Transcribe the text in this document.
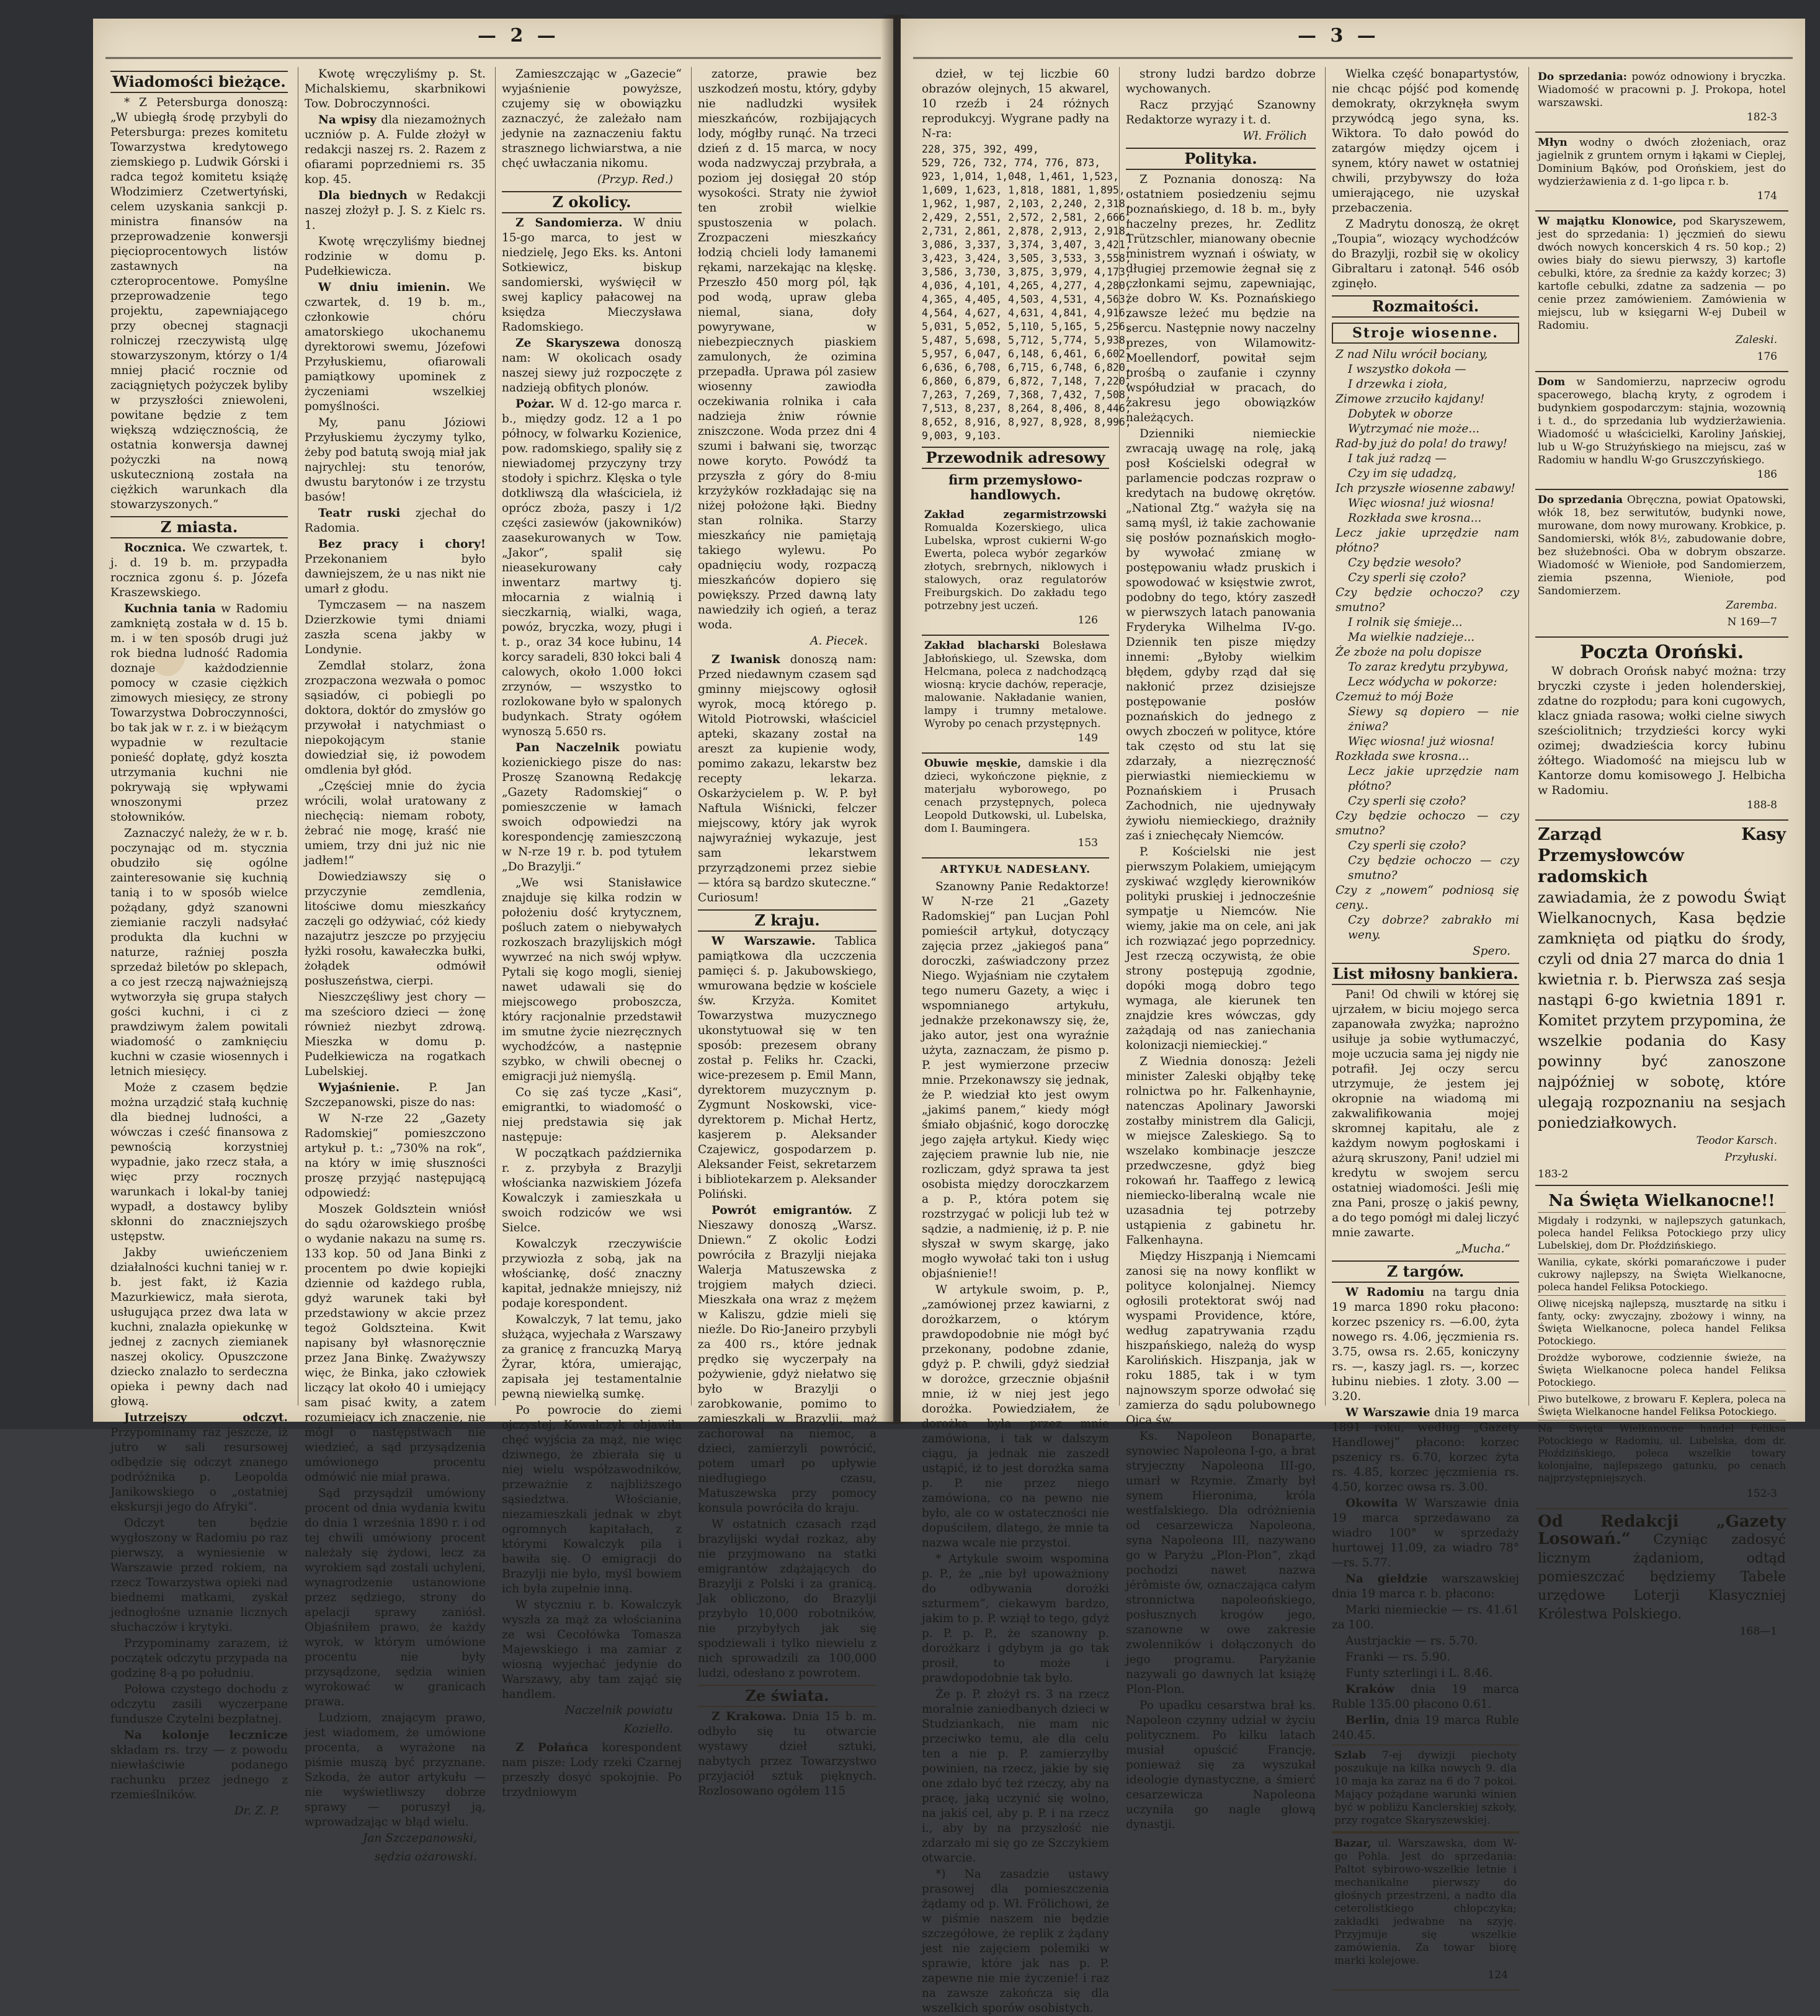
— 2 —
Wiadomości bieżące.

* Z Petersburga donoszą: „W ubiegłą środę przybyli do Petersburga: prezes komitetu Towarzystwa kredytowego ziemskiego p. Ludwik Górski i radca tegoż komitetu książę Włodzimierz Czetwertyński, celem uzyskania sankcji p. ministra finansów na przeprowadzenie konwersji pięcioprocentowych listów zastawnych na czteroprocentowe. Pomyślne przeprowadzenie tego projektu, zapewniającego przy obecnej stagnacji rolniczej rzeczywistą ulgę stowarzyszonym, którzy o 1/4 mniej płacić rocznie od zaciągniętych pożyczek byliby w przyszłości zniewoleni, powitane będzie z tem większą wdzięcznością, że ostatnia konwersja dawnej pożyczki na nową uskutecznioną została na ciężkich warunkach dla stowarzyszonych.“

Z miasta.

Rocznica. We czwartek, t. j. d. 19 b. m. przypadła rocznica zgonu ś. p. Józefa Kraszewskiego.

Kuchnia tania w Radomiu zamkniętą została w d. 15 b. m. i w ten sposób drugi już rok biedna ludność Radomia doznaje każdodziennie pomocy w czasie ciężkich zimowych miesięcy, ze strony Towarzystwa Dobroczynności, bo tak jak w r. z. i w bieżącym wypadnie w rezultacie ponieść dopłatę, gdyż koszta utrzymania kuchni nie pokrywają się wpływami wnoszonymi przez stołowników.

Zaznaczyć należy, że w r. b. poczynając od m. stycznia obudziło się ogólne zainteresowanie się kuchnią tanią i to w sposób wielce pożądany, gdyż szanowni ziemianie raczyli nadsyłać produkta dla kuchni w naturze, raźniej poszła sprzedaż biletów po sklepach, a co jest rzeczą najważniejszą wytworzyła się grupa stałych gości kuchni, i ci z prawdziwym żalem powitali wiadomość o zamknięciu kuchni w czasie wiosennych i letnich miesięcy.

Może z czasem będzie można urządzić stałą kuchnię dla biednej ludności, a wówczas i cześć finansowa z pewnością korzystniej wypadnie, jako rzecz stała, a więc przy rocznych warunkach i lokal-by taniej wypadł, a dostawcy byliby skłonni do znaczniejszych ustępstw.

Jakby uwieńczeniem działalności kuchni taniej w r. b. jest fakt, iż Kazia Mazurkiewicz, mała sierota, usługująca przez dwa lata w kuchni, znalazła opiekunkę w jednej z zacnych ziemianek naszej okolicy. Opuszczone dziecko znalazło to serdeczna opieka i pewny dach nad głową.

Jutrzejszy odczyt. Przypominamy raz jeszcze, iż jutro w sali resursowej odbędzie się odczyt znanego podróżnika p. Leopolda Janikowskiego o „ostatniej ekskursji jego do Afryki“.

Odczyt ten będzie wygłoszony w Radomiu po raz pierwszy, a wyniesienie w Warszawie przed rokiem, na rzecz Towarzystwa opieki nad biednemi matkami, zyskał jednogłośne uznanie licznych słuchaczów i krytyki.

Przypominamy zarazem, iż początek odczytu przypada na godzinę 8-ą po południu.

Połowa czystego dochodu z odczytu zasili wyczerpane fundusze Czytelni bezpłatnej.

Na kolonje lecznicze składam rs. trzy — z powodu niewłaściwie podanego rachunku przez jednego z rzemieślników.

Dr. Z. P.

Kwotę wręczyliśmy p. St. Michalskiemu, skarbnikowi Tow. Dobroczynności.

Na wpisy dla niezamożnych uczniów p. A. Fulde złożył w redakcji naszej rs. 2. Razem z ofiarami poprzedniemi rs. 35 kop. 45.

Dla biednych w Redakcji naszej złożył p. J. S. z Kielc rs. 1.

Kwotę wręczyliśmy biednej rodzinie w domu p. Pudełkiewicza.

W dniu imienin. We czwartek, d. 19 b. m., członkowie chóru amatorskiego ukochanemu dyrektorowi swemu, Józefowi Przyłuskiemu, ofiarowali pamiątkowy upominek z życzeniami wszelkiej pomyślności.

My, panu Józiowi Przyłuskiemu życzymy tylko, żeby pod batutą swoją miał jak najrychlej: stu tenorów, dwustu barytonów i ze trzystu basów!

Teatr ruski zjechał do Radomia.

Bez pracy i chory! Przekonaniem było dawniejszem, że u nas nikt nie umarł z głodu.

Tymczasem — na naszem Dzierzkowie tymi dniami zaszła scena jakby w Londynie.

Zemdlał stolarz, żona zrozpaczona wezwała o pomoc sąsiadów, ci pobiegli po doktora, doktór do zmysłów go przywołał i natychmiast o niepokojącym stanie dowiedział się, iż powodem omdlenia był głód.

„Częściej mnie do życia wrócili, wolał uratowany z niechęcią: niemam roboty, żebrać nie mogę, kraść nie umiem, trzy dni już nic nie jadłem!“

Dowiedziawszy się o przyczynie zemdlenia, litościwe domu mieszkańcy zaczęli go odżywiać, cóż kiedy nazajutrz jeszcze po przyjęciu łyżki rosołu, kawałeczka bułki, żołądek odmówił posłuszeństwa, cierpi.

Nieszczęśliwy jest chory — ma sześcioro dzieci — żonę również niezbyt zdrową. Mieszka w domu p. Pudełkiewicza na rogatkach Lubelskiej.

Wyjaśnienie.	P. Jan Szczepanowski, pisze do nas:

W N-rze 22 „Gazety Radomskiej“ pomieszczono artykuł p. t.: „730% na rok“, na który w imię słuszności proszę przyjąć następującą odpowiedź:

Moszek Goldsztein wniósł do sądu ożarowskiego prośbę o wydanie nakazu na sumę rs. 133 kop. 50 od Jana Binki z procentem po dwie kopiejki dziennie od każdego rubla, gdyż warunek taki był przedstawiony w akcie przez tegoż Goldszteina. Kwit napisany był własnoręcznie przez Jana Binkę. Zważywszy więc, że Binka, jako człowiek liczący lat około 40 i umiejący sam pisać kwity, a zatem rozumiejący ich znaczenie, nie mógł o następstwach nie wiedzieć, a sąd przysądzenia umówionego procentu odmówić nie miał prawa.

Sąd przysądził umówiony procent od dnia wydania kwitu do dnia 1 września 1890 r. i od tej chwili umówiony procent należały się żydowi, lecz za wyrokiem sąd zostali uchyleni, wynagrodzenie ustanowione przez sędziego, strony do apelacji sprawy zaniósł. Objaśniłem prawo, że każdy wyrok, w którym umówione procentu nie były przysądzone, sędzia winien wyrokować w granicach prawa.

Ludziom, znającym prawo, jest wiadomem, że umówione procenta, a wyrażone na piśmie muszą być przyznane. Szkoda, że autor artykułu — nie wyświetliwszy dobrze sprawy — poruszył ją, wprowadzając w błąd wielu.

Jan Szczepanowski,
sędzia ożarowski.

Zamieszczając w „Gazecie“ wyjaśnienie powyższe, czujemy się w obowiązku zaznaczyć, że zależało nam jedynie na zaznaczeniu faktu strasznego lichwiarstwa, a nie chęć uwłaczania nikomu.

(Przyp. Red.)
Z okolicy.

Z Sandomierza. W dniu 15-go marca, to jest w niedzielę, Jego Eks. ks. Antoni Sotkiewicz, biskup sandomierski, wyświęcił w swej kaplicy pałacowej na księdza Mieczysława Radomskiego.

Ze Skaryszewa donoszą nam: W okolicach osady naszej siewy już rozpoczęte z nadzieją obfitych plonów.

Pożar. W d. 12-go marca r. b., między godz. 12 a 1 po północy, w folwarku Kozienice, pow. radomskiego, spaliły się z niewiadomej przyczyny trzy stodoły i spichrz. Klęska o tyle dotkliwszą dla właściciela, iż oprócz zboża, paszy i 1/2 części zasiewów (jakowników) zaasekurowanych w Tow. „Jakor“, spalił się nieasekurowany cały inwentarz martwy tj. młocarnia z wialnią i sieczkarnią, wialki, waga, powóz, bryczka, wozy, pługi i t. p., oraz 34 koce łubinu, 14 korcy saradeli, 830 łokci bali 4 calowych, około 1.000 łokci zrzynów, — wszystko to rozlokowane było w spalonych budynkach. Straty ogółem wynoszą 5.650 rs.

Pan Naczelnik powiatu kozienickiego pisze do nas: Proszę Szanowną Redakcję „Gazety Radomskiej“ o pomieszczenie w łamach swoich odpowiedzi na korespondencję zamieszczoną w N-rze 19 r. b. pod tytułem „Do Brazylji.“

„We wsi Stanisławice znajduje się kilka rodzin w położeniu dość krytycznem, pośluch zatem o niebywałych rozkoszach brazylijskich mógł wywrzeć na nich swój wpływ. Pytali się kogo mogli, sieniej nawet udawali się do miejscowego proboszcza, który racjonalnie przedstawił im smutne życie niezręcznych wychodźców, a następnie szybko, w chwili obecnej o emigracji już niemyślą.

Co się zaś tycze „Kasi“, emigrantki, to wiadomość o niej predstawia się jak następuje:

W początkach października r. z. przybyła z Brazylji włościanka nazwiskiem Józefa Kowalczyk i zamieszkała u swoich rodziców we wsi Sielce.

Kowalczyk rzeczywiście przywiozła z sobą, jak na włościankę, dość znaczny kapitał, jednakże mniejszy, niż podaje korespondent.

Kowalczyk, 7 lat temu, jako służąca, wyjechała z Warszawy za granicę z francuzką Maryą Żyrar, która, umierając, zapisała jej testamentalnie pewną niewielką sumkę.

Po powrocie do ziemi ojczystej, Kowalczyk objawiła chęć wyjścia za mąż, nie więc dziwnego, że zbierała się u niej wielu współzawodników, przeważnie z najbliższego sąsiedztwa. Włościanie, niezamieszkali jednak w zbyt ogromnych kapitałach, z którymi Kowalczyk pila i bawiła się. O emigracji do Brazylji nie było, myśl bowiem ich była zupełnie inną.

W styczniu r. b. Kowalczyk wyszła za mąż za włościanina ze wsi Cecołówka Tomasza Majewskiego i ma zamiar z wiosną wyjechać jedynie do Warszawy, aby tam zająć się handlem.

Naczelnik powiatu
Kozielło.

Z Połańca korespondent nam pisze: Lody rzeki Czarnej przeszły dosyć spokojnie. Po trzydniowym

zatorze, prawie bez uszkodzeń mostu, który, gdyby nie nadludzki wysiłek mieszkańców, rozbijających lody, mógłby runąć. Na trzeci dzień z d. 15 marca, w nocy woda nadzwyczaj przybrała, a poziom jej dosięgał 20 stóp wysokości. Straty nie żywioł ten zrobił wielkie spustoszenia w polach. Zrozpaczeni mieszkańcy łodzią chcieli lody łamanemi rękami, narzekając na klęskę. Przeszło 450 morg pól, łąk pod wodą, upraw gleba niemal, siana, doły powyrywane, w niebezpiecznych piaskiem zamulonych, że ozimina przepadła. Uprawa pól zasiew wiosenny zawiodła oczekiwania rolnika i cała nadzieja żniw równie zniszczone. Woda przez dni 4 szumi i bałwani się, tworząc nowe koryto. Powódź ta przyszła z góry do 8-miu krzyżyków rozkładając się na niżej położone łąki. Biedny stan rolnika. Starzy mieszkańcy nie pamiętają takiego wylewu. Po opadnięciu wody, rozpaczą mieszkańców dopiero się powiększy. Przed dawną laty nawiedziły ich ogień, a teraz woda.

A. Piecek.

Z Iwanisk donoszą nam: Przed niedawnym czasem sąd gminny miejscowy ogłosił wyrok, mocą którego p. Witold Piotrowski, właściciel apteki, skazany został na areszt za kupienie wody, pomimo zakazu, lekarstw bez recepty lekarza. Oskarżycielem p. W. P. był Naftula Wiśnicki, felczer miejscowy, który jak wyrok najwyraźniej wykazuje, jest sam lekarstwem przyrządzonemi przez siebie — która są bardzo skuteczne.“ Curiosum!

Z kraju.

W Warszawie. Tablica pamiątkowa dla uczczenia pamięci ś. p. Jakubowskiego, wmurowana będzie w kościele św. Krzyża. Komitet Towarzystwa muzycznego ukonstytuował się w ten sposób: prezesem obrany został p. Feliks hr. Czacki, wice-prezesem p. Emil Mann, dyrektorem muzycznym p. Zygmunt Noskowski, vice-dyrektorem p. Michał Hertz, kasjerem p. Aleksander Czajewicz, gospodarzem p. Aleksander Feist, sekretarzem i bibliotekarzem p. Aleksander Poliński.

Powrót emigrantów. Z Nieszawy donoszą „Warsz. Dniewn.“ Z okolic Łodzi powróciła z Brazylji niejaka Walerja Matuszewska z trojgiem małych dzieci. Mieszkała ona wraz z mężem w Kaliszu, gdzie mieli się nieźle. Do Rio-Janeiro przybyli za 400 rs., które jednak prędko się wyczerpały na pożywienie, gdyż niełatwo się było w Brazylji o zarobkowanie, pomimo to zamieszkali w Brazylji, mąż zachorował na niemoc, a dzieci, zamierzyli powrócić, potem umarł po upływie niedługiego czasu, Matuszewska przy pomocy konsula powróciła do kraju.

W ostatnich czasach rząd brazylijski wydał rozkaz, aby nie przyjmowano na statki emigrantów zdążających do Brazylji z Polski i za granicą. Jak obliczono, do Brazylji przybyło 10,000 robotników, nie przybyłych jak się spodziewali i tylko niewielu z nich sprowadzili za 100,000 ludzi, odesłano z powrotem.

Ze świata.

Z Krakowa. Dnia 15 b. m. odbyło się tu otwarcie wystawy dzieł sztuki, nabytych przez Towarzystwo przyjaciół sztuk pięknych. Rozlosowano ogółem 115

— 3 —

dzieł, w tej liczbie 60 obrazów olejnych, 15 akwarel, 10 rzeźb i 24 różnych reprodukcyj. Wygrane padły na N-ra:

228, 375, 392, 499,
529, 726, 732, 774, 776, 873,
923, 1,014, 1,048, 1,461, 1,523,
1,609, 1,623, 1,818, 1881, 1,895,
1,962, 1,987, 2,103, 2,240, 2,318,
2,429, 2,551, 2,572, 2,581, 2,666,
2,731, 2,861, 2,878, 2,913, 2,918,
3,086, 3,337, 3,374, 3,407, 3,421,
3,423, 3,424, 3,505, 3,533, 3,558,
3,586, 3,730, 3,875, 3,979, 4,173,
4,036, 4,101, 4,265, 4,277, 4,280,
4,365, 4,405, 4,503, 4,531, 4,563,
4,564, 4,627, 4,631, 4,841, 4,916,
5,031, 5,052, 5,110, 5,165, 5,256,
5,487, 5,698, 5,712, 5,774, 5,938,
5,957, 6,047, 6,148, 6,461, 6,602,
6,636, 6,708, 6,715, 6,748, 6,820,
6,860, 6,879, 6,872, 7,148, 7,220,
7,263, 7,269, 7,368, 7,432, 7,508,
7,513, 8,237, 8,264, 8,406, 8,446,
8,652, 8,916, 8,927, 8,928, 8,996,
9,003, 9,103.
Przewodnik adresowy
firm przemysłowo-handlowych.
Zakład zegarmistrzowski Romualda Kozerskiego, ulica Lubelska, wprost cukierni W-go Ewerta, poleca wybór zegarków złotych, srebrnych, niklowych i stalowych, oraz regulatorów Freiburgskich. Do zakładu tego potrzebny jest uczeń.
126
Zakład blacharski Bolesława Jabłońskiego, ul. Szewska, dom Helcmana, poleca z nadchodzącą wiosną: krycie dachów, reperacje, malowanie. Nakładanie wanien, lampy i trumny metalowe. Wyroby po cenach przystępnych.
149
Obuwie męskie, damskie i dla dzieci, wykończone pięknie, z materjału wyborowego, po cenach przystępnych, poleca Leopold Dutkowski, ul. Lubelska, dom I. Baumingera.
153
ARTYKUŁ NADESŁANY.

Szanowny Panie Redaktorze! W N-rze 21 „Gazety Radomskiej“ pan Lucjan Pohl pomieścił artykuł, dotyczący zajęcia przez „jakiegoś pana“ doroczki, zaświadczony przez Niego. Wyjaśniam nie czytałem tego numeru Gazety, a więc i wspomnianego artykułu, jednakże przekonawszy się, że, jako autor, jest ona wyraźnie użyta, zaznaczam, że pismo p. P. jest wymierzone przeciw mnie. Przekonawszy się jednak, że P. wiedział kto jest owym „jakimś panem,“ kiedy mógł śmiało objaśnić, kogo doroczkę jego zajęła artykuł. Kiedy więc zajęciem prawnie lub nie, nie rozliczam, gdyż sprawa ta jest osobista między doroczkarzem a p. P., która potem się rozstrzygać w policji lub też w sądzie, a nadmienię, iż p. P. nie słyszał w swym skargę, jako mogło wywołać taki ton i usług objaśnienie!!

W artykule swoim, p. P., „zamówionej przez kawiarni, z dorożkarzem, o którym prawdopodobnie nie mógł być przekonany, podobne zdanie, gdyż p. P. chwili, gdyż siedział w dorożce, grzecznie objaśnił mnie, iż w niej jest jego dorożka. Powiedziałem, że dorożka była przez mnie zamówiona, i tak w dalszym ciągu, ja jednak nie zaszedł ustąpić, iż to jest dorożka sama p. P. nie przez niego zamówiona, co na pewno nie było, ale co w ostateczności nie dopuściłem, dlatego, że mnie ta nazwa wcale nie przystoi.

* Artykule swoim wspomina p. P., że „nie był upoważniony do odbywania dorożki szturmem“, ciekawym bardzo, jakim to p. P. wziął to tego, gdyż p. P. p. P., że szanowny p. dorożkarz i gdybym ja go tak prosił, to może i prawdopodobnie tak było.

Że p. P. złożył rs. 3 na rzecz moralnie zaniedbanych dzieci w Studziankach, nie mam nic przeciwko temu, ale dla celu ten a nie p. P. zamierzyłby powinien, na rzecz, jakie by się one zdało być też rzeczy, aby na pracę, jaką uczynić się wolno, na jakiś cel, aby p. P. i na rzecz i., aby by na przyszłość nie zdarzało mi się go ze Szczykiem otwarcie.

*) Na zasadzie ustawy prasowej dla pomieszczenia żądamy od p. Wł. Frölichowi, że w piśmie naszem nie będzie szczegółowe, że replik z żądany jest nie zajęciem polemiki w sprawie, które jak nas p. P. zapewne nie mie życzenie! i raz na zawsze zakończa się dla wszelkich sporów osobistych.

strony ludzi bardzo dobrze wychowanych.

Racz przyjąć Szanowny Redaktorze wyrazy i t. d.

Wł. Frölich
Polityka.

Z Poznania donoszą: Na ostatniem posiedzeniu sejmu poznańskiego, d. 18 b. m., były naczelny prezes, hr. Zedlitz Trützschler, mianowany obecnie ministrem wyznań i oświaty, w długiej przemowie żegnał się z członkami sejmu, zapewniając, że dobro W. Ks. Poznańskiego zawsze leżeć mu będzie na sercu. Następnie nowy naczelny prezes, von Wilamowitz-Moellendorf, powitał sejm prośbą o zaufanie i czynny współudział w pracach, do zakresu jego obowiązków należących.

Dzienniki niemieckie zwracają uwagę na rolę, jaką posł Kościelski odegrał w parlamencie podczas rozpraw o kredytach na budowę okrętów. „National Ztg.“ ważyła się na samą myśl, iż takie zachowanie się posłów poznańskich mogło-by wywołać zmianę w postępowaniu władz pruskich i spowodować w księstwie zwrot, podobny do tego, który zaszedł w pierwszych latach panowania Fryderyka Wilhelma IV-go. Dziennik ten pisze między innemi: „Byłoby wielkim błędem, gdyby rząd dał się nakłonić przez dzisiejsze postępowanie posłów poznańskich do jednego z owych zboczeń w polityce, które tak często od stu lat się zdarzały, a niezręczność pierwiastki niemieckiemu w Poznańskiem i Prusach Zachodnich, nie ujednywały żywiołu niemieckiego, drażniły zaś i zniechęcały Niemców.

P. Kościelski nie jest pierwszym Polakiem, umiejącym zyskiwać względy kierowników polityki pruskiej i jednocześnie sympatje u Niemców. Nie wiemy, jakie ma on cele, ani jak ich rozwiązać jego poprzednicy. Jest rzeczą oczywistą, że obie strony postępują zgodnie, dopóki mogą dobro tego wymaga, ale kierunek ten znajdzie kres wówczas, gdy zażądają od nas zaniechania kolonizacji niemieckiej.“

Z Wiednia donoszą: Jeżeli minister Zaleski objąłby tekę rolnictwa po hr. Falkenhaynie, natenczas Apolinary Jaworski zostałby ministrem dla Galicji, w miejsce Zaleskiego. Są to wszelako kombinacje jeszcze przedwczesne, gdyż bieg rokowań hr. Taaffego z lewicą niemiecko-liberalną wcale nie uzasadnia tej potrzeby ustąpienia z gabinetu hr. Falkenhayna.

Między Hiszpanją i Niemcami zanosi się na nowy konflikt w polityce kolonjalnej. Niemcy ogłosili protektorat swój nad wyspami Providence, które, według zapatrywania rządu hiszpańskiego, należą do wysp Karolińskich. Hiszpanja, jak w roku 1885, tak i w tym najnowszym sporze odwołać się zamierza do sądu polubownego Ojca św.

Ks. Napoleon Bonaparte, synowiec Napoleona I-go, a brat stryjeczny Napoleona III-go, umarł w Rzymie. Zmarły był synem Hieronima, króla westfalskiego. Dla odróżnienia od cesarzewicza Napoleona, syna Napoleona III, nazywano go w Paryżu „Plon-Plon“, zkąd pochodzi nawet nazwa jérômiste ów, oznaczająca całym stronnictwa napoleońskiego, posłusznych krogów jego, szanowne w owe zakresie zwolenników i dołączonych do jego programu. Paryżanie nazywali go dawnych lat książę Plon-Plon.

Po upadku cesarstwa brał ks. Napoleon czynny udział w życiu politycznem. Po kilku latach musiał opuścić Francję, ponieważ się za wyszukał ideologie dynastyczne, a śmierć cesarzewicza Napoleona uczyniła go nagle głową dynastji.

Wielka część bonapartystów, nie chcąc pójść pod komendę demokraty, okrzyknęła swym przywódcą jego syna, ks. Wiktora. To dało powód do zatargów między ojcem i synem, który nawet w ostatniej chwili, przybywszy do łoża umierającego, nie uzyskał przebaczenia.

Z Madrytu donoszą, że okręt „Toupia“, wiozący wychodźców do Brazylji, rozbił się w okolicy Gibraltaru i zatonął. 546 osób zginęło.

Rozmaitości.
Stroje wiosenne.
Z nad Nilu wrócił bociany,
I wszystko dokoła —
I drzewka i zioła,
Zimowe zrzuciło kajdany!
Dobytek w oborze
Wytrzymać nie może...
Rad-by już do pola! do trawy!
I tak już radzą —
Czy im się udadzą,
Ich przyszłe wiosenne zabawy!
Więc wiosna! już wiosna!
Rozkłada swe krosna...
Lecz jakie uprzędzie nam płótno?
Czy będzie wesoło?
Czy sperli się czoło?
Czy będzie ochoczo? czy smutno?
I rolnik się śmieje...
Ma wielkie nadzieje...
Że zboże na polu dopisze
To zaraz kredytu przybywa,
Lecz wódycha w pokorze:
Czemuż to mój Boże
Siewy są dopiero — nie żniwa?
Więc wiosna! już wiosna!
Rozkłada swe krosna...
Lecz jakie uprzędzie nam płótno?
Czy sperli się czoło?
Czy będzie ochoczo — czy smutno?
Czy sperli się czoło?
Czy będzie ochoczo — czy smutno?
Czy z „nowem“ podniosą się ceny..
Czy dobrze? zabrakło mi weny.
Spero.
List miłosny bankiera.

Pani! Od chwili w której się ujrzałem, w biciu mojego serca zapanowała zwyżka; naprożno usiłuje ja sobie wytłumaczyć, moje uczucia sama jej nigdy nie potrafił. Jej oczy sercu utrzymuje, że jestem jej okropnie na wiadomą mi zakwalifikowania mojej skromnej kapitału, ale z każdym nowym pogłoskami i ażurą skruszony, Pani! udziel mi kredytu w swojem sercu ostatniej wiadomości. Jeśli mię zna Pani, proszę o jakiś pewny, a do tego pomógł mi dalej liczyć mnie zawarte.

„Mucha.“
Z targów.

W Radomiu na targu dnia 19 marca 1890 roku płacono: korzec pszenicy rs. —6.00, żyta nowego rs. 4.06, jęczmienia rs. 3.75, owsa rs. 2.65, koniczyny rs. —, kaszy jagl. rs. —, korzec łubinu niebies. 1 złoty. 3.00 — 3.20.

W Warszawie dnia 19 marca 1891 roku, według „Gazety Handlowej“ płacono: korzec pszenicy rs. 6.70, korzec żyta rs. 4.85, korzec jęczmienia rs. 4.50, korzec owsa rs. 3.00.

Okowita W Warszawie dnia 19 marca sprzedawano za wiadro 100° w sprzedaży hurtowej 11.09, za wiadro 78°—rs. 5.77.

Na giełdzie warszawskiej dnia 19 marca r. b. płacono:

Marki niemieckie — rs. 41.61 za 100.

Austrjackie — rs. 5.70.

Franki — rs. 5.90.

Funty szterlingi i L. 8.46.

Kraków dnia 19 marca Ruble 135.00 płacono 0.61.

Berlin, dnia 19 marca Ruble 240.45.

Szlab 7-ej dywizji piechoty poszukuje na kilka nowych 9. dla 10 maja ka zaraz na 6 do 7 pokoi. Mający pożądane warunki winien być w pobliżu Kanclerskiej szkoły, przy rogatce Skaryszewskiej.
Bazar, ul. Warszawska, dom W-go Pohla. Jest do sprzedania: Paltot sybirowo-wszelkie letnie i mechanikalne pierwszy do głośnych przestrzeni, a nadto dla ceterolistkiego chłopczyka; zakładki jedwabne na szyję. Przyjmuje się wszelkie zamówienia. Za towar biorę marki kolejowe.
124
Do sprzedania: powóz odnowiony i bryczka. Wiadomość w pracowni p. J. Prokopa, hotel warszawski.
182-3
Młyn wodny o dwóch złożeniach, oraz jagielnik z gruntem ornym i łąkami w Cieplej, Dominium Bąków, pod Orońskiem, jest do wydzierżawienia z d. 1-go lipca r. b.
174
W majątku Klonowice, pod Skaryszewem, jest do sprzedania: 1) jęczmień do siewu dwóch nowych koncerskich 4 rs. 50 kop.; 2) owies biały do siewu pierwszy, 3) kartofle cebulki, które, za średnie za każdy korzec; 3) kartofle cebulki, zdatne za sadzenia — po cenie przez zamówieniem. Zamówienia w miejscu, lub w księgarni W-ej Dubeil w Radomiu.
Zaleski.
176
Dom w Sandomierzu, naprzeciw ogrodu spacerowego, blachą kryty, z ogrodem i budynkiem gospodarczym: stajnia, wozownią i t. d., do sprzedania lub wydzierżawienia. Wiadomość u właścicielki, Karoliny Jańskiej, lub u W-go Strużyńskiego na miejscu, zaś w Radomiu w handlu W-go Gruszczyńskiego.
186
Do sprzedania Obręczna, powiat Opatowski, włók 18, bez serwitutów, budynki nowe, murowane, dom nowy murowany. Krobkice, p. Sandomierski, włók 8½, zabudowanie dobre, bez służebności. Oba w dobrym obszarze. Wiadomość w Wieniołe, pod Sandomierzem, ziemia pszenna, Wieniołe, pod Sandomierzem.
Zaremba.
N 169—7
Poczta Oroński.

W dobrach Orońsk nabyć można: trzy bryczki czyste i jeden holenderskiej, zdatne do rozpłodu; para koni cugowych, klacz gniada rasowa; wołki cielne siwych sześciolitnich; trzydzieści korcy wyki ozimej; dwadzieścia korcy łubinu żółtego. Wiadomość na miejscu lub w Kantorze domu komisowego J. Helbicha w Radomiu.

188-8
Zarząd Kasy Przemysłowców radomskich
zawiadamia, że z powodu Świąt Wielkanocnych, Kasa będzie zamknięta od piątku do środy, czyli od dnia 27 marca do dnia 1 kwietnia r. b. Pierwsza zaś sesja nastąpi 6-go kwietnia 1891 r. Komitet przytem przypomina, że wszelkie podania do Kasy powinny być zanoszone najpóźniej w sobotę, które ulegają rozpoznaniu na sesjach poniedziałkowych.
Teodor Karsch.
Przyłuski.
183-2
Na Święta Wielkanocne!!
Migdały i rodzynki, w najlepszych gatunkach, poleca handel Feliksa Potockiego przy ulicy Lubelskiej, dom Dr. Płoździńskiego.
Wanilia, cykate, skórki pomarańczowe i puder cukrowy najlepszy, na Święta Wielkanocne, poleca handel Feliksa Potockiego.
Oliwę nicejską najlepszą, musztardę na sitku i fanty, ocky: zwyczajny, zbożowy i winny, na Święta Wielkanocne, poleca handel Feliksa Potockiego.
Drożdże wyborowe, codziennie świeże, na Święta Wielkanocne poleca handel Feliksa Potockiego.
Piwo butelkowe, z browaru F. Keplera, poleca na Święta Wielkanocne handel Feliksa Potockiego.
Na Święta Wielkanocne handel Feliksa Potockiego w Radomiu, ul. Lubelska, dom dr. Płoździńskiego, poleca wszelkie towary kolonjalne, najlepszego gatunku, po cenach najprzystępniejszych.
152-3
Od Redakcji „Gazety Losowań.“ Czyniąc zadosyć licznym żądaniom, odtąd pomieszczać będziemy Tabele urzędowe Loterji Klasyczniej Królestwa Polskiego.
168—1
